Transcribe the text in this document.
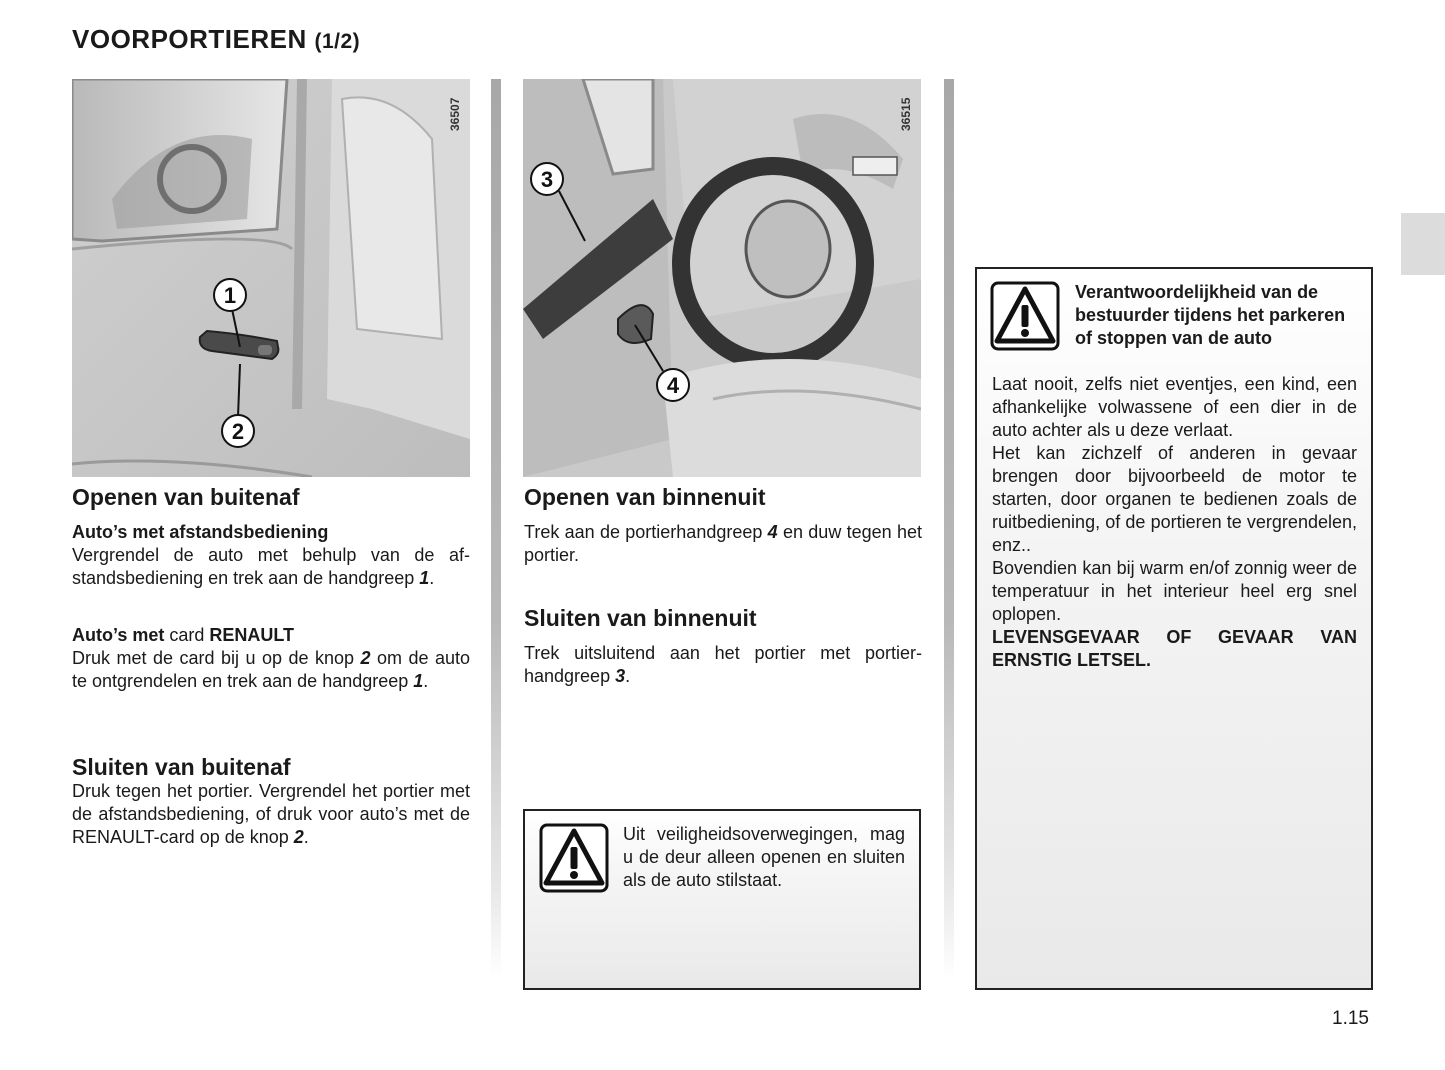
VOORPORTIEREN (1/2)
1
2
36507
3
4
36515
Openen van buitenaf
Auto’s met afstandsbediening

Vergrendel de auto met behulp van de afstandsbediening en trek aan de handgreep 1.

Auto’s met card RENAULT

Druk met de card bij u op de knop 2 om de auto te ontgrendelen en trek aan de handgreep 1.

Sluiten van buitenaf

Druk tegen het portier. Vergrendel het portier met de afstandsbediening, of druk voor auto’s met de RENAULT-card op de knop 2.

Openen van binnenuit

Trek aan de portierhandgreep 4 en duw tegen het portier.

Sluiten van binnenuit

Trek uitsluitend aan het portier met portierhandgreep 3.

Uit veiligheidsoverwegingen, mag u de deur alleen openen en sluiten als de auto stilstaat.

Verantwoordelijkheid van de bestuurder tijdens het parkeren of stoppen van de auto

Laat nooit, zelfs niet eventjes, een kind, een afhankelijke volwassene of een dier in de auto achter als u deze verlaat.

Het kan zichzelf of anderen in gevaar brengen door bijvoorbeeld de motor te starten, door organen te bedienen zoals de ruitbediening, of de portieren te vergrendelen, enz..

Bovendien kan bij warm en/of zonnig weer de temperatuur in het interieur heel erg snel oplopen.

LEVENSGEVAAR OF GEVAAR VAN ERNSTIG LETSEL.

1.15
